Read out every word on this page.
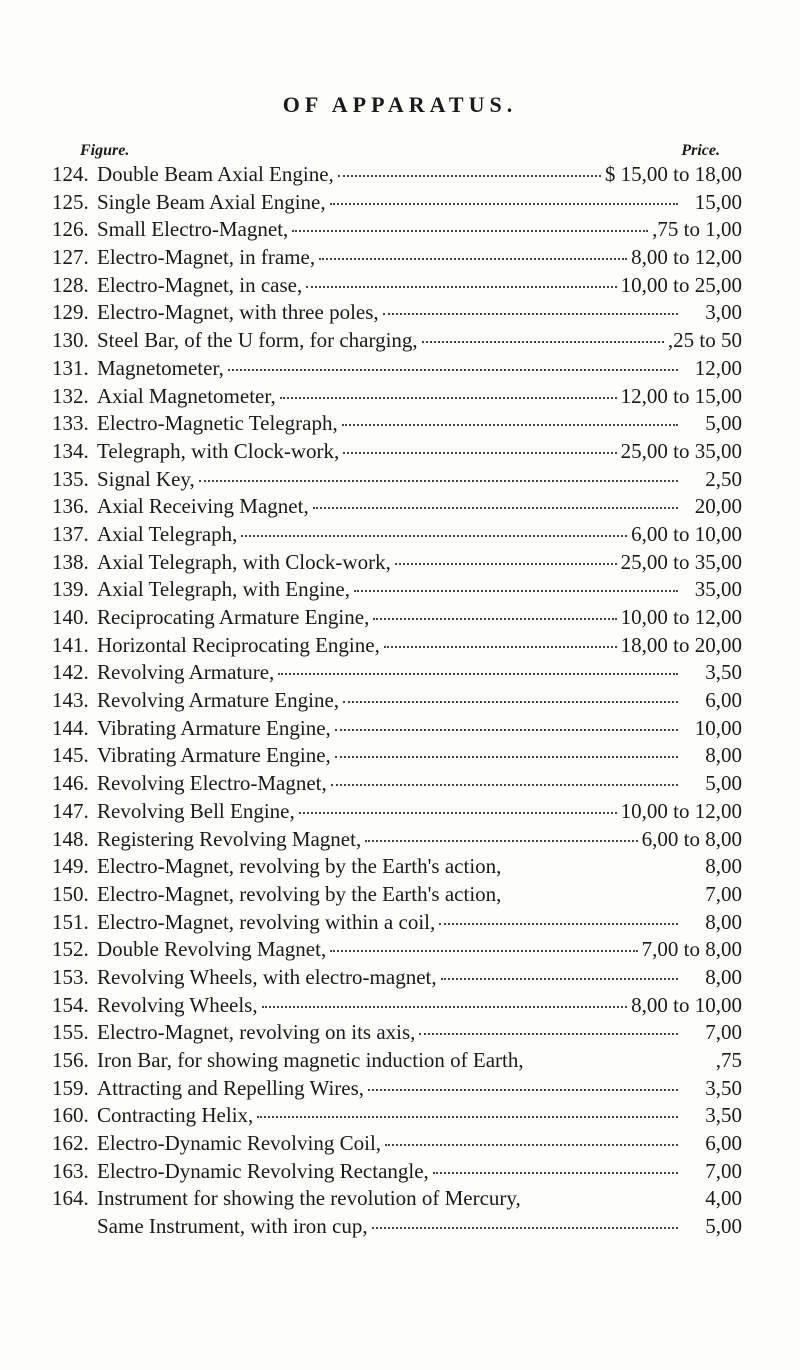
OF APPARATUS.
Figure.	Price.
124. Double Beam Axial Engine,	$ 15,00 to 18,00
125. Single Beam Axial Engine,	15,00
126. Small Electro-Magnet,	,75 to 1,00
127. Electro-Magnet, in frame,	8,00 to 12,00
128. Electro-Magnet, in case,	10,00 to 25,00
129. Electro-Magnet, with three poles,	3,00
130. Steel Bar, of the U form, for charging,	,25 to 50
131. Magnetometer,	12,00
132. Axial Magnetometer,	12,00 to 15,00
133. Electro-Magnetic Telegraph,	5,00
134. Telegraph, with Clock-work,	25,00 to 35,00
135. Signal Key,	2,50
136. Axial Receiving Magnet,	20,00
137. Axial Telegraph,	6,00 to 10,00
138. Axial Telegraph, with Clock-work,	25,00 to 35,00
139. Axial Telegraph, with Engine,	35,00
140. Reciprocating Armature Engine,	10,00 to 12,00
141. Horizontal Reciprocating Engine,	18,00 to 20,00
142. Revolving Armature,	3,50
143. Revolving Armature Engine,	6,00
144. Vibrating Armature Engine,	10,00
145. Vibrating Armature Engine,	8,00
146. Revolving Electro-Magnet,	5,00
147. Revolving Bell Engine,	10,00 to 12,00
148. Registering Revolving Magnet,	6,00 to 8,00
149. Electro-Magnet, revolving by the Earth's action,	8,00
150. Electro-Magnet, revolving by the Earth's action,	7,00
151. Electro-Magnet, revolving within a coil,	8,00
152. Double Revolving Magnet,	7,00 to 8,00
153. Revolving Wheels, with electro-magnet,	8,00
154. Revolving Wheels,	8,00 to 10,00
155. Electro-Magnet, revolving on its axis,	7,00
156. Iron Bar, for showing magnetic induction of Earth,	,75
159. Attracting and Repelling Wires,	3,50
160. Contracting Helix,	3,50
162. Electro-Dynamic Revolving Coil,	6,00
163. Electro-Dynamic Revolving Rectangle,	7,00
164. Instrument for showing the revolution of Mercury,	4,00
Same Instrument, with iron cup,	5,00
